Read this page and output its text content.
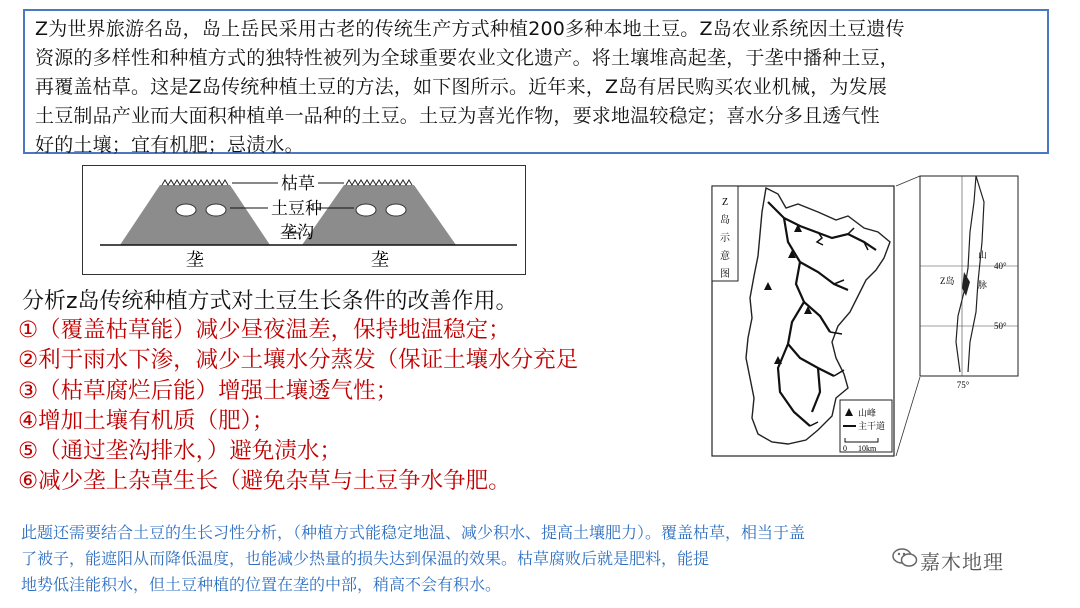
Z为世界旅游名岛，岛上岳民采用古老的传统生产方式种植200多种本地土豆。Z岛农业系统因土豆遗传
资源的多样性和种植方式的独特性被列为全球重要农业文化遗产。将土壤堆高起垄，于垄中播种土豆，
再覆盖枯草。这是Z岛传统种植土豆的方法，如下图所示。近年来，Z岛有居民购买农业机械，为发展
土豆制品产业而大面积种植单一品种的土豆。土豆为喜光作物，要求地温较稳定；喜水分多且透气性
好的土壤；宜有机肥；忌渍水。
枯草
土豆种
垄沟
垄	垄
Z
岛
示
意
图
山峰
主干道
0 10km
Z岛
山
脉
40°
50°
75°
分析z岛传统种植方式对土豆生长条件的改善作用。
①（覆盖枯草能）减少昼夜温差，保持地温稳定；
②利于雨水下渗，减少土壤水分蒸发（保证土壤水分充足
③（枯草腐烂后能）增强土壤透气性；
④增加土壤有机质（肥）；
⑤（通过垄沟排水，）避免渍水；
⑥减少垄上杂草生长（避免杂草与土豆争水争肥。
此题还需要结合土豆的生长习性分析，（种植方式能稳定地温、减少积水、提高土壤肥力）。覆盖枯草，相当于盖
了被子，能遮阳从而降低温度，也能减少热量的损失达到保温的效果。枯草腐败后就是肥料，能提
地势低洼能积水，但土豆种植的位置在垄的中部，稍高不会有积水。
嘉木地理
